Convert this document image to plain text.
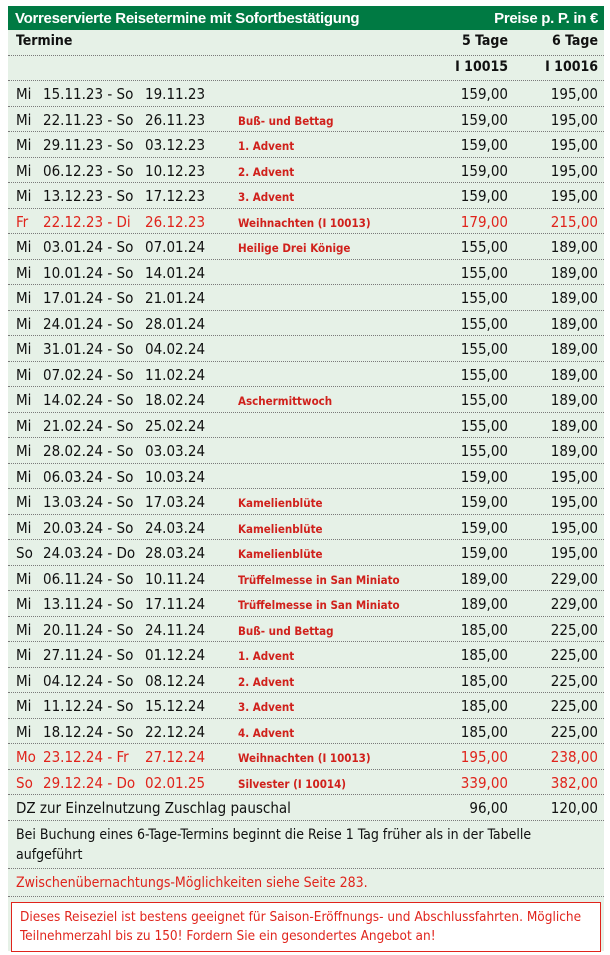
Vorreservierte Reisetermine mit Sofortbestätigung	Preise p. P. in €
Termine	5 Tage	6 Tage
I 10015	I 10016
Mi 15.11.23 - So 19.11.23	159,00	195,00
Mi 22.11.23 - So 26.11.23	Buß- und Bettag	159,00	195,00
Mi 29.11.23 - So 03.12.23	1. Advent	159,00	195,00
Mi 06.12.23 - So 10.12.23	2. Advent	159,00	195,00
Mi 13.12.23 - So 17.12.23	3. Advent	159,00	195,00
Fr 22.12.23 - Di 26.12.23	Weihnachten (I 10013)	179,00	215,00
Mi 03.01.24 - So 07.01.24	Heilige Drei Könige	155,00	189,00
Mi 10.01.24 - So 14.01.24	155,00	189,00
Mi 17.01.24 - So 21.01.24	155,00	189,00
Mi 24.01.24 - So 28.01.24	155,00	189,00
Mi 31.01.24 - So 04.02.24	155,00	189,00
Mi 07.02.24 - So 11.02.24	155,00	189,00
Mi 14.02.24 - So 18.02.24	Aschermittwoch	155,00	189,00
Mi 21.02.24 - So 25.02.24	155,00	189,00
Mi 28.02.24 - So 03.03.24	155,00	189,00
Mi 06.03.24 - So 10.03.24	159,00	195,00
Mi 13.03.24 - So 17.03.24	Kamelienblüte	159,00	195,00
Mi 20.03.24 - So 24.03.24	Kamelienblüte	159,00	195,00
So 24.03.24 - Do 28.03.24	Kamelienblüte	159,00	195,00
Mi 06.11.24 - So 10.11.24	Trüffelmesse in San Miniato	189,00	229,00
Mi 13.11.24 - So 17.11.24	Trüffelmesse in San Miniato	189,00	229,00
Mi 20.11.24 - So 24.11.24	Buß- und Bettag	185,00	225,00
Mi 27.11.24 - So 01.12.24	1. Advent	185,00	225,00
Mi 04.12.24 - So 08.12.24	2. Advent	185,00	225,00
Mi 11.12.24 - So 15.12.24	3. Advent	185,00	225,00
Mi 18.12.24 - So 22.12.24	4. Advent	185,00	225,00
Mo 23.12.24 - Fr 27.12.24	Weihnachten (I 10013)	195,00	238,00
So 29.12.24 - Do 02.01.25	Silvester (I 10014)	339,00	382,00
DZ zur Einzelnutzung Zuschlag pauschal	96,00	120,00
Bei Buchung eines 6-Tage-Termins beginnt die Reise 1 Tag früher als in der Tabelle aufgeführt
Zwischenübernachtungs-Möglichkeiten siehe Seite 283.
Dieses Reiseziel ist bestens geeignet für Saison-Eröffnungs- und Abschlussfahrten. Mögliche Teilnehmerzahl bis zu 150! Fordern Sie ein gesondertes Angebot an!
